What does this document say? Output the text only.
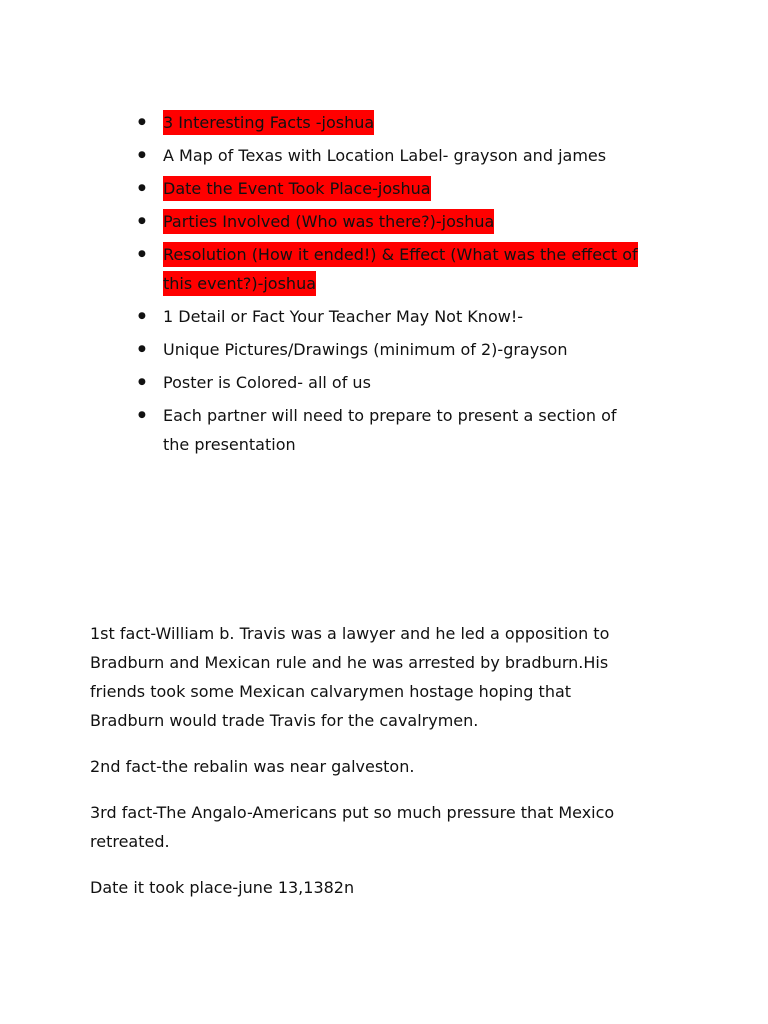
● 3 Interesting Facts -joshua
● A Map of Texas with Location Label- grayson and james
● Date the Event Took Place-joshua
● Parties Involved (Who was there?)-joshua
● Resolution (How it ended!) & Effect (What was the effect of this event?)-joshua
● 1 Detail or Fact Your Teacher May Not Know!-
● Unique Pictures/Drawings (minimum of 2)-grayson
● Poster is Colored- all of us
● Each partner will need to prepare to present a section of the presentation

1st fact-William b. Travis was a lawyer and he led a opposition to Bradburn and Mexican rule and he was arrested by bradburn.His friends took some Mexican calvarymen hostage hoping that Bradburn would trade Travis for the cavalrymen.

2nd fact-the rebalin was near galveston.

3rd fact-The Angalo-Americans put so much pressure that Mexico retreated.

Date it took place-june 13,1382n
